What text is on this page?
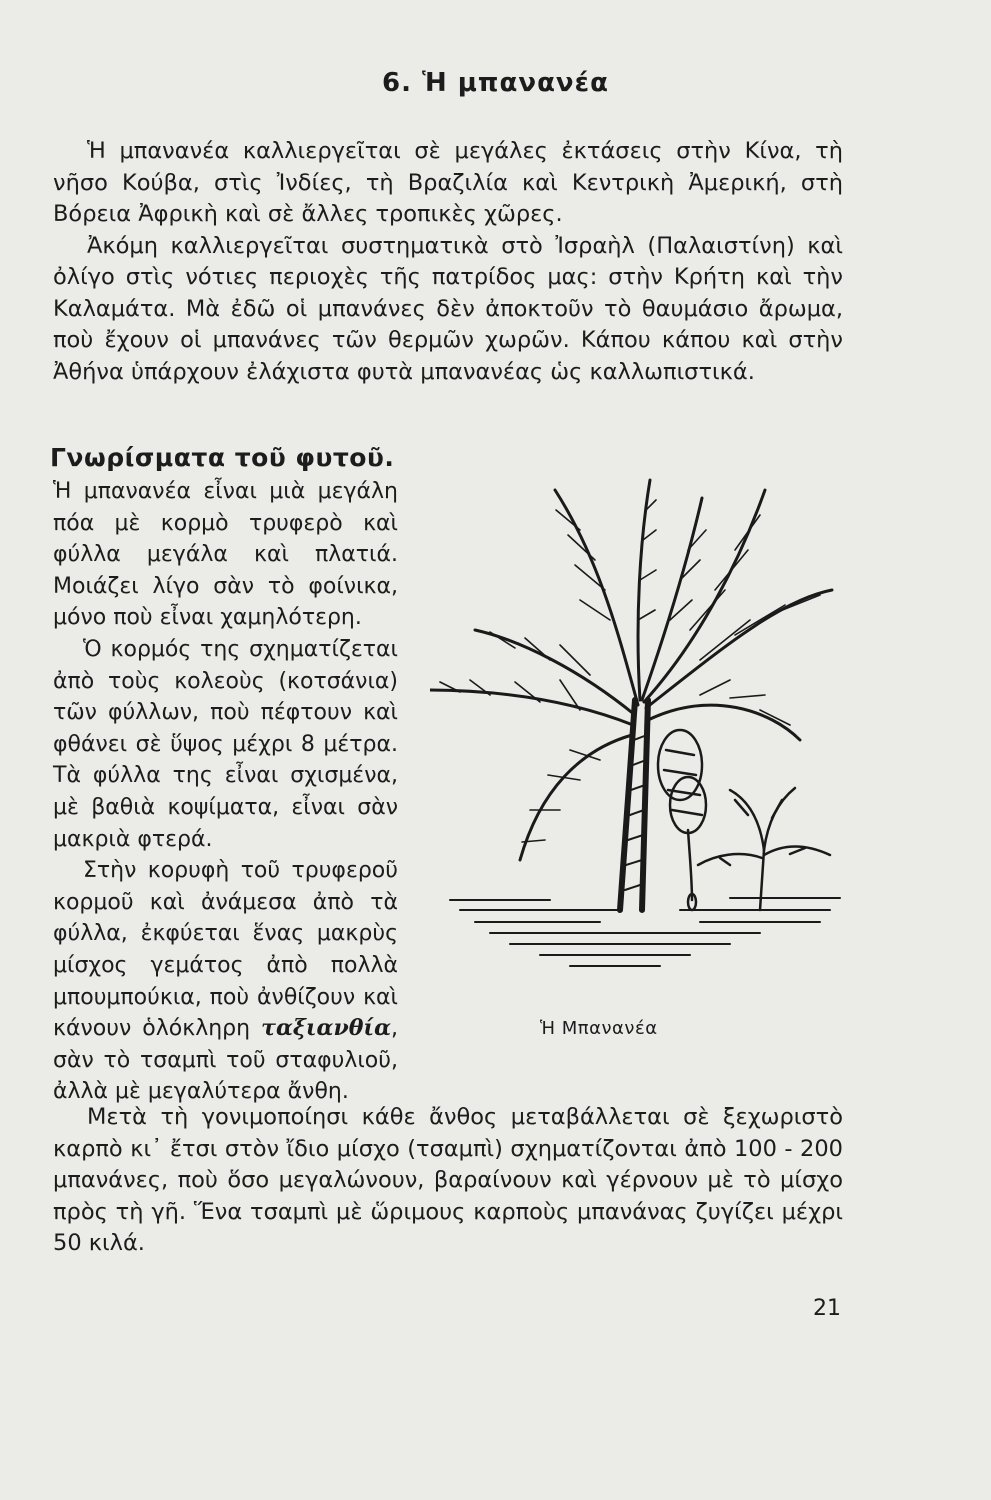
6. Ἡ μπανανέα

Ἡ μπανανέα καλλιεργεῖται σὲ μεγάλες ἐκτάσεις στὴν Κίνα, τὴ νῆσο Κούβα, στὶς Ἰνδίες, τὴ Βραζιλία καὶ Κεντρικὴ Ἀμερική, στὴ Βόρεια Ἀφρικὴ καὶ σὲ ἄλλες τροπικὲς χῶρες.

Ἀκόμη καλλιεργεῖται συστηματικὰ στὸ Ἰσραὴλ (Παλαιστίνη) καὶ ὀλίγο στὶς νότιες περιοχὲς τῆς πατρίδος μας: στὴν Κρήτη καὶ τὴν Καλαμάτα. Μὰ ἐδῶ οἱ μπανάνες δὲν ἀποκτοῦν τὸ θαυμάσιο ἄρωμα, ποὺ ἔχουν οἱ μπανάνες τῶν θερμῶν χωρῶν. Κάπου κάπου καὶ στὴν Ἀθήνα ὑπάρχουν ἐλάχιστα φυτὰ μπανανέας ὡς καλλωπιστικά.

Γνωρίσματα τοῦ φυτοῦ.

Ἡ μπανανέα εἶναι μιὰ μεγάλη πόα μὲ κορμὸ τρυφερὸ καὶ φύλλα μεγάλα καὶ πλατιά. Μοιάζει λίγο σὰν τὸ φοίνικα, μόνο ποὺ εἶναι χαμηλότερη.

Ὁ κορμός της σχηματίζεται ἀπὸ τοὺς κολεοὺς (κοτσάνια) τῶν φύλλων, ποὺ πέφτουν καὶ φθάνει σὲ ὕψος μέχρι 8 μέτρα. Τὰ φύλλα της εἶναι σχισμένα, μὲ βαθιὰ κοψίματα, εἶναι σὰν μακριὰ φτερά.

Στὴν κορυφὴ τοῦ τρυφεροῦ κορμοῦ καὶ ἀνάμεσα ἀπὸ τὰ φύλλα, ἐκφύεται ἕνας μακρὺς μίσχος γεμάτος ἀπὸ πολλὰ μπουμπούκια, ποὺ ἀνθίζουν καὶ κάνουν ὁλόκληρη ταξιανθία, σὰν τὸ τσαμπὶ τοῦ σταφυλιοῦ, ἀλλὰ μὲ μεγαλύτερα ἄνθη.

Ἡ Μπανανέα

Μετὰ τὴ γονιμοποίησι κάθε ἄνθος μεταβάλλεται σὲ ξεχωριστὸ καρπὸ κι᾿ ἔτσι στὸν ἴδιο μίσχο (τσαμπὶ) σχηματίζονται ἀπὸ 100 - 200 μπανάνες, ποὺ ὅσο μεγαλώνουν, βαραίνουν καὶ γέρνουν μὲ τὸ μίσχο πρὸς τὴ γῆ. Ἕνα τσαμπὶ μὲ ὥριμους καρποὺς μπανάνας ζυγίζει μέχρι 50 κιλά.

21
